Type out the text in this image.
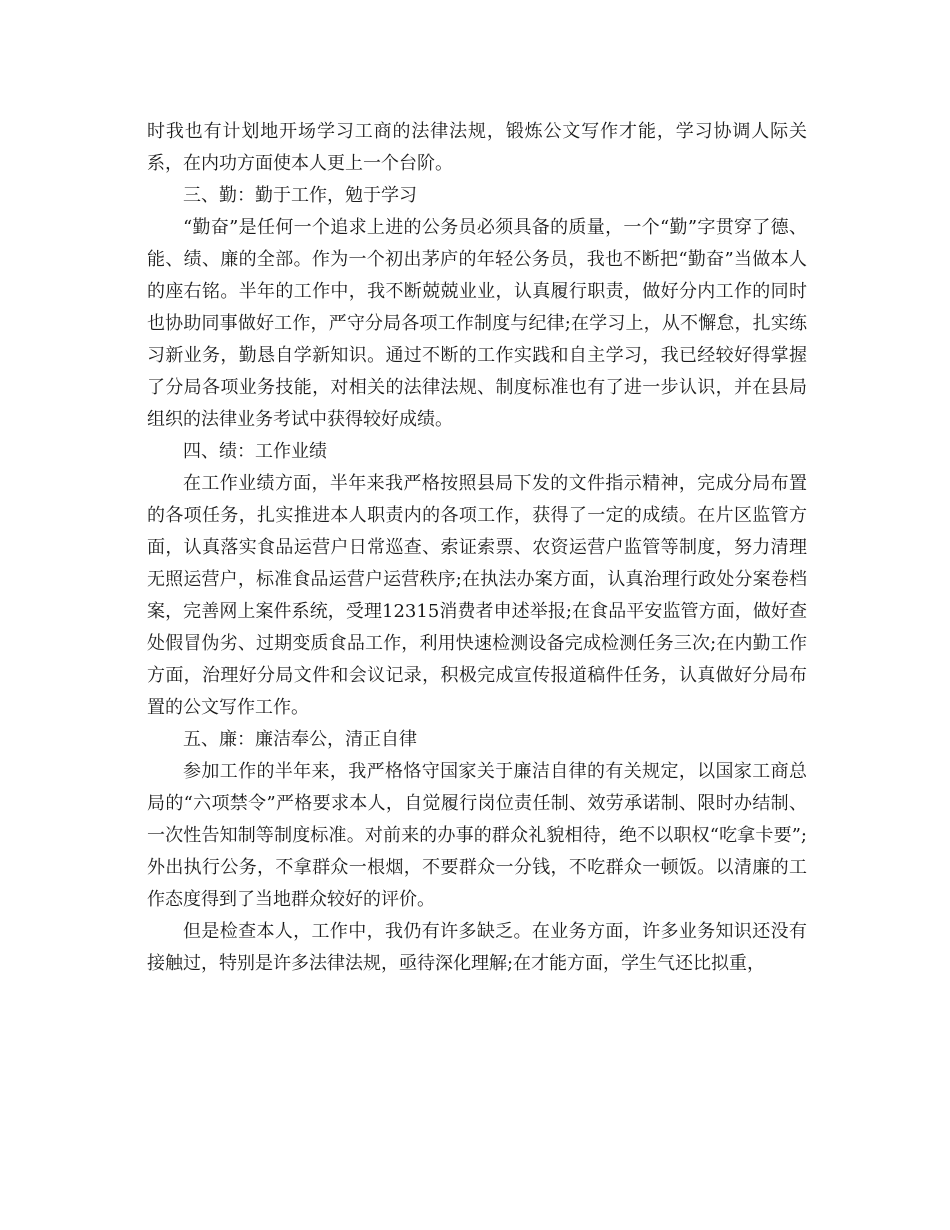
时我也有计划地开场学习工商的法律法规，锻炼公文写作才能，学习协调人际关系，在内功方面使本人更上一个台阶。

三、勤：勤于工作，勉于学习

“勤奋”是任何一个追求上进的公务员必须具备的质量，一个“勤”字贯穿了德、能、绩、廉的全部。作为一个初出茅庐的年轻公务员，我也不断把“勤奋”当做本人的座右铭。半年的工作中，我不断兢兢业业，认真履行职责，做好分内工作的同时也协助同事做好工作，严守分局各项工作制度与纪律;在学习上，从不懈怠，扎实练习新业务，勤恳自学新知识。通过不断的工作实践和自主学习，我已经较好得掌握了分局各项业务技能，对相关的法律法规、制度标准也有了进一步认识，并在县局组织的法律业务考试中获得较好成绩。

四、绩：工作业绩

在工作业绩方面，半年来我严格按照县局下发的文件指示精神，完成分局布置的各项任务，扎实推进本人职责内的各项工作，获得了一定的成绩。在片区监管方面，认真落实食品运营户日常巡查、索证索票、农资运营户监管等制度，努力清理无照运营户，标准食品运营户运营秩序;在执法办案方面，认真治理行政处分案卷档案，完善网上案件系统，受理12315消费者申述举报;在食品平安监管方面，做好查处假冒伪劣、过期变质食品工作，利用快速检测设备完成检测任务三次;在内勤工作方面，治理好分局文件和会议记录，积极完成宣传报道稿件任务，认真做好分局布置的公文写作工作。

五、廉：廉洁奉公，清正自律

参加工作的半年来，我严格恪守国家关于廉洁自律的有关规定，以国家工商总局的“六项禁令”严格要求本人，自觉履行岗位责任制、效劳承诺制、限时办结制、一次性告知制等制度标准。对前来的办事的群众礼貌相待，绝不以职权“吃拿卡要”;外出执行公务，不拿群众一根烟，不要群众一分钱，不吃群众一顿饭。以清廉的工作态度得到了当地群众较好的评价。

但是检查本人，工作中，我仍有许多缺乏。在业务方面，许多业务知识还没有接触过，特别是许多法律法规，亟待深化理解;在才能方面，学生气还比拟重，
